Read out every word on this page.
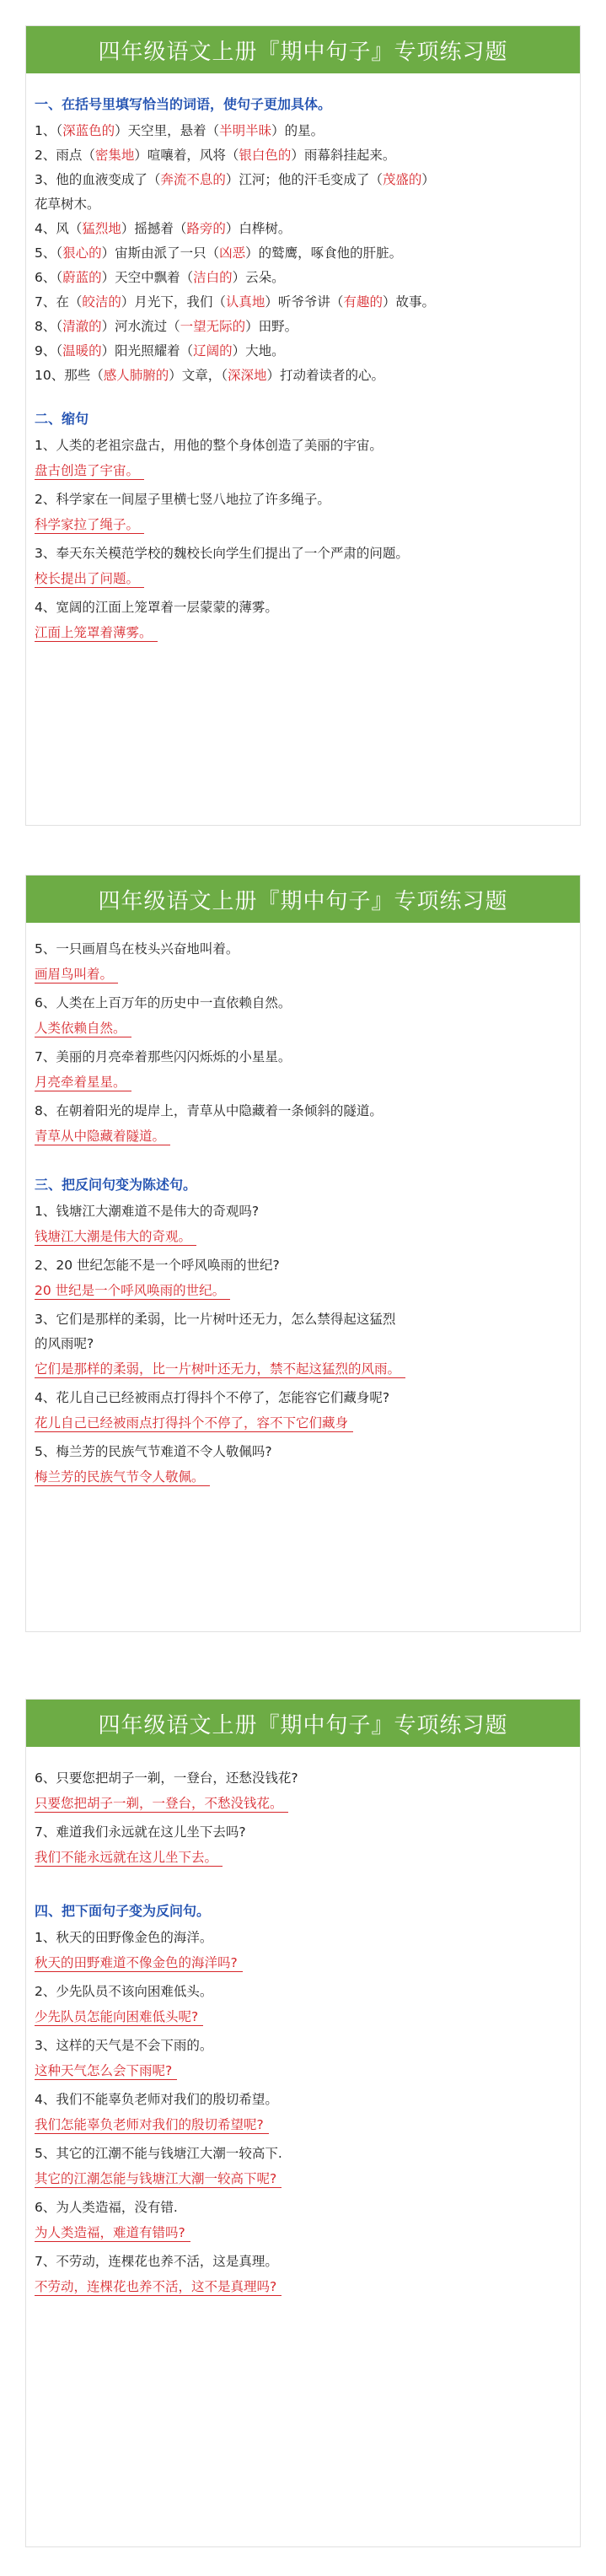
四年级语文上册『期中句子』专项练习题
一、在括号里填写恰当的词语，使句子更加具体。
1、（深蓝色的）天空里，悬着（半明半昧）的星。
2、雨点（密集地）喧嚷着，风将（银白色的）雨幕斜挂起来。
3、他的血液变成了（奔流不息的）江河；他的汗毛变成了（茂盛的）
花草树木。
4、风（猛烈地）摇撼着（路旁的）白桦树。
5、（狠心的）宙斯由派了一只（凶恶）的鹫鹰，啄食他的肝脏。
6、（蔚蓝的）天空中飘着（洁白的）云朵。
7、在（皎洁的）月光下，我们（认真地）听爷爷讲（有趣的）故事。
8、（清澈的）河水流过（一望无际的）田野。
9、（温暖的）阳光照耀着（辽阔的）大地。
10、那些（感人肺腑的）文章，（深深地）打动着读者的心。
二、缩句
1、人类的老祖宗盘古，用他的整个身体创造了美丽的宇宙。
盘古创造了宇宙。
2、科学家在一间屋子里横七竖八地拉了许多绳子。
科学家拉了绳子。
3、奉天东关模范学校的魏校长向学生们提出了一个严肃的问题。
校长提出了问题。
4、宽阔的江面上笼罩着一层蒙蒙的薄雾。
江面上笼罩着薄雾。
四年级语文上册『期中句子』专项练习题
5、一只画眉鸟在枝头兴奋地叫着。
画眉鸟叫着。
6、人类在上百万年的历史中一直依赖自然。
人类依赖自然。
7、美丽的月亮牵着那些闪闪烁烁的小星星。
月亮牵着星星。
8、在朝着阳光的堤岸上，青草从中隐藏着一条倾斜的隧道。
青草从中隐藏着隧道。
三、把反问句变为陈述句。
1、钱塘江大潮难道不是伟大的奇观吗?
钱塘江大潮是伟大的奇观。
2、20 世纪怎能不是一个呼风唤雨的世纪?
20 世纪是一个呼风唤雨的世纪。
3、它们是那样的柔弱，比一片树叶还无力，怎么禁得起这猛烈
的风雨呢?
它们是那样的柔弱，比一片树叶还无力，禁不起这猛烈的风雨。
4、花儿自己已经被雨点打得抖个不停了，怎能容它们藏身呢?
花儿自己已经被雨点打得抖个不停了，容不下它们藏身
5、梅兰芳的民族气节难道不令人敬佩吗?
梅兰芳的民族气节令人敬佩。
四年级语文上册『期中句子』专项练习题
6、只要您把胡子一剃，一登台，还愁没钱花?
只要您把胡子一剃，一登台，不愁没钱花。
7、难道我们永远就在这儿坐下去吗?
我们不能永远就在这儿坐下去。
四、把下面句子变为反问句。
1、秋天的田野像金色的海洋。
秋天的田野难道不像金色的海洋吗?
2、少先队员不该向困难低头。
少先队员怎能向困难低头呢?
3、这样的天气是不会下雨的。
这种天气怎么会下雨呢?
4、我们不能辜负老师对我们的殷切希望。
我们怎能辜负老师对我们的殷切希望呢?
5、其它的江潮不能与钱塘江大潮一较高下.
其它的江潮怎能与钱塘江大潮一较高下呢?
6、为人类造福，没有错.
为人类造福，难道有错吗?
7、不劳动，连棵花也养不活，这是真理。
不劳动，连棵花也养不活，这不是真理吗?
